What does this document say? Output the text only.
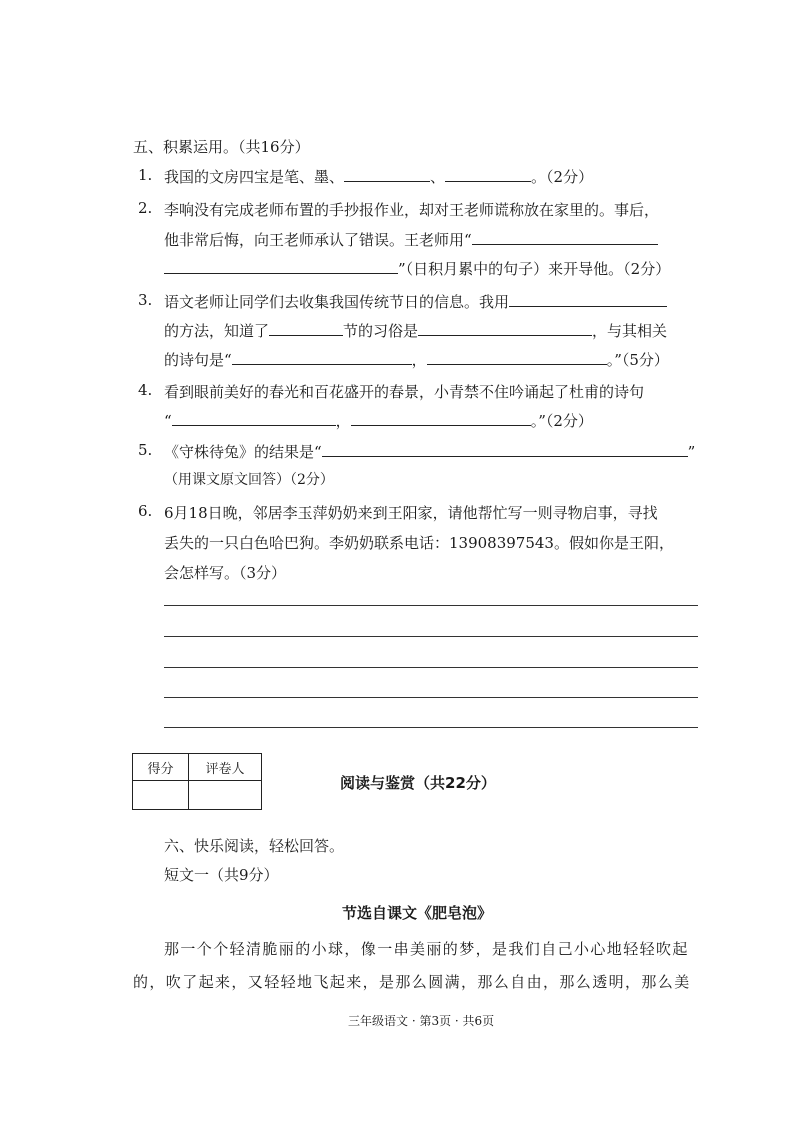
五、积累运用。（共16分）
1. 我国的文房四宝是笔、墨、	、	。（2分）
2. 李响没有完成老师布置的手抄报作业，却对王老师谎称放在家里的。事后，
他非常后悔，向王老师承认了错误。王老师用“
”（日积月累中的句子）来开导他。（2分）
3. 语文老师让同学们去收集我国传统节日的信息。我用
的方法，知道了	节的习俗是	，与其相关
的诗句是“	，	。”（5分）
4. 看到眼前美好的春光和百花盛开的春景，小青禁不住吟诵起了杜甫的诗句
“	，	。”（2分）
5. 《守株待兔》的结果是“	”
（用课文原文回答）（2分）
6. 6月18日晚，邻居李玉萍奶奶来到王阳家，请他帮忙写一则寻物启事，寻找
丢失的一只白色哈巴狗。李奶奶联系电话：13908397543。假如你是王阳，
会怎样写。（3分）
得分	评卷人

阅读与鉴赏（共22分）
六、快乐阅读，轻松回答。
短文一（共9分）
节选自课文《肥皂泡》
那一个个轻清脆丽的小球，像一串美丽的梦，是我们自己小心地轻轻吹起
的，吹了起来，又轻轻地飞起来，是那么圆满，那么自由，那么透明，那么美
三年级语文 · 第3页 · 共6页
